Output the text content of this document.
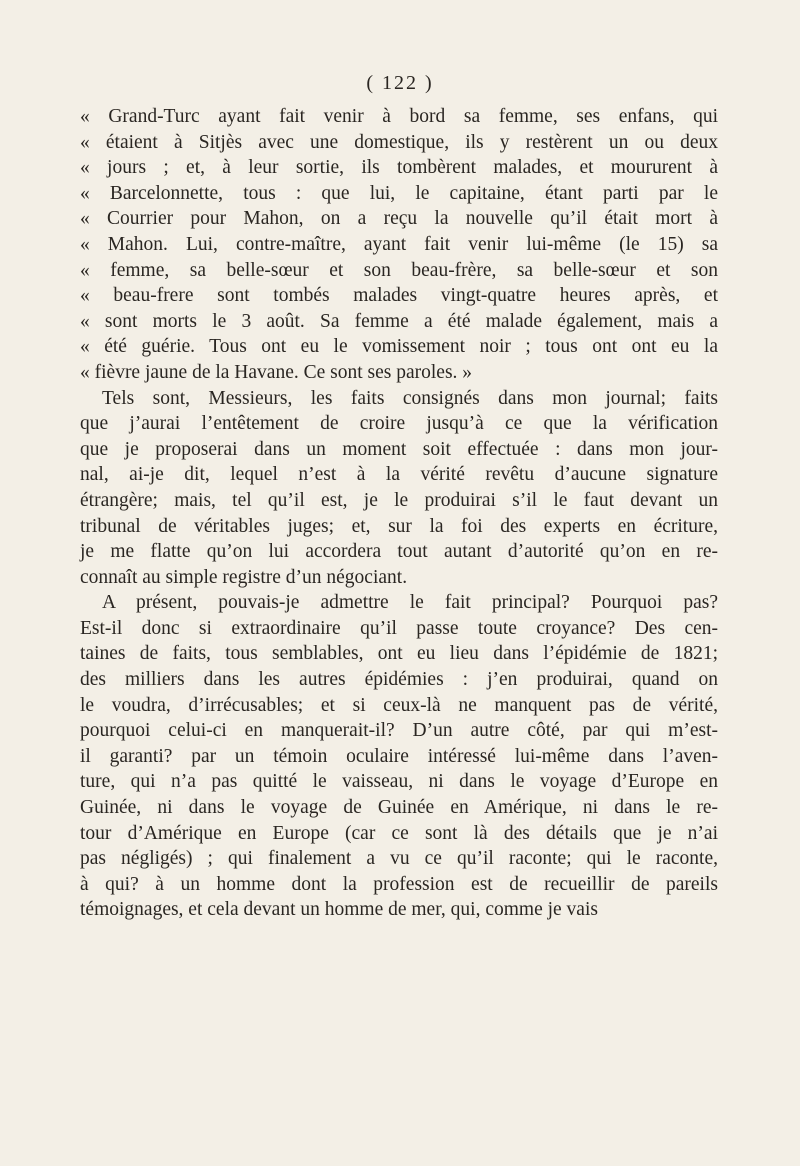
( 122 )
« Grand-Turc ayant fait venir à bord sa femme, ses enfans, qui
« étaient à Sitjès avec une domestique, ils y restèrent un ou deux
« jours ; et, à leur sortie, ils tombèrent malades, et moururent à
« Barcelonnette, tous : que lui, le capitaine, étant parti par le
« Courrier pour Mahon, on a reçu la nouvelle qu’il était mort à
« Mahon. Lui, contre-maître, ayant fait venir lui-même (le 15) sa
« femme, sa belle-sœur et son beau-frère, sa belle-sœur et son
« beau-frere sont tombés malades vingt-quatre heures après, et
« sont morts le 3 août. Sa femme a été malade également, mais a
« été guérie. Tous ont eu le vomissement noir ; tous ont ont eu la
« fièvre jaune de la Havane. Ce sont ses paroles. »
Tels sont, Messieurs, les faits consignés dans mon journal; faits
que j’aurai l’entêtement de croire jusqu’à ce que la vérification
que je proposerai dans un moment soit effectuée : dans mon jour-
nal, ai-je dit, lequel n’est à la vérité revêtu d’aucune signature
étrangère; mais, tel qu’il est, je le produirai s’il le faut devant un
tribunal de véritables juges; et, sur la foi des experts en écriture,
je me flatte qu’on lui accordera tout autant d’autorité qu’on en re-
connaît au simple registre d’un négociant.
A présent, pouvais-je admettre le fait principal? Pourquoi pas?
Est-il donc si extraordinaire qu’il passe toute croyance? Des cen-
taines de faits, tous semblables, ont eu lieu dans l’épidémie de 1821;
des milliers dans les autres épidémies : j’en produirai, quand on
le voudra, d’irrécusables; et si ceux-là ne manquent pas de vérité,
pourquoi celui-ci en manquerait-il? D’un autre côté, par qui m’est-
il garanti? par un témoin oculaire intéressé lui-même dans l’aven-
ture, qui n’a pas quitté le vaisseau, ni dans le voyage d’Europe en
Guinée, ni dans le voyage de Guinée en Amérique, ni dans le re-
tour d’Amérique en Europe (car ce sont là des détails que je n’ai
pas négligés) ; qui finalement a vu ce qu’il raconte; qui le raconte,
à qui? à un homme dont la profession est de recueillir de pareils
témoignages, et cela devant un homme de mer, qui, comme je vais
